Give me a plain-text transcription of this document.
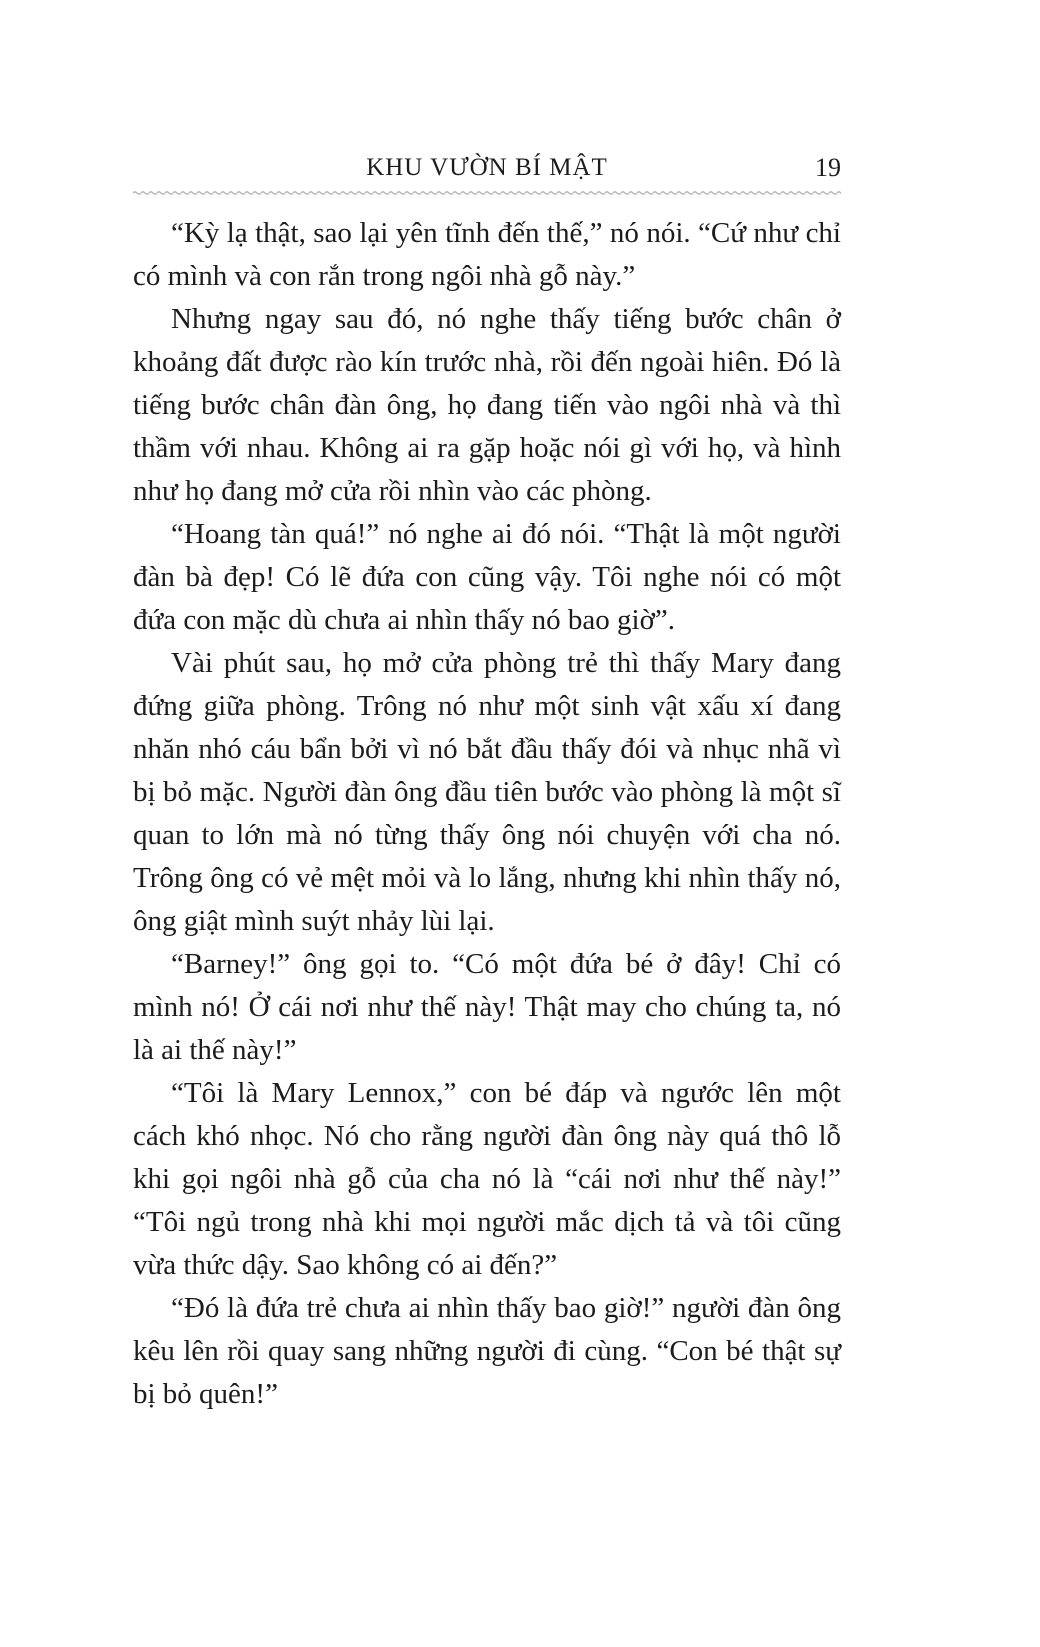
KHU VƯỜN BÍ MẬT	19

“Kỳ lạ thật, sao lại yên tĩnh đến thế,” nó nói. “Cứ như chỉ có mình và con rắn trong ngôi nhà gỗ này.”

Nhưng ngay sau đó, nó nghe thấy tiếng bước chân ở khoảng đất được rào kín trước nhà, rồi đến ngoài hiên. Đó là tiếng bước chân đàn ông, họ đang tiến vào ngôi nhà và thì thầm với nhau. Không ai ra gặp hoặc nói gì với họ, và hình như họ đang mở cửa rồi nhìn vào các phòng.

“Hoang tàn quá!” nó nghe ai đó nói. “Thật là một người đàn bà đẹp! Có lẽ đứa con cũng vậy. Tôi nghe nói có một đứa con mặc dù chưa ai nhìn thấy nó bao giờ”.

Vài phút sau, họ mở cửa phòng trẻ thì thấy Mary đang đứng giữa phòng. Trông nó như một sinh vật xấu xí đang nhăn nhó cáu bẩn bởi vì nó bắt đầu thấy đói và nhục nhã vì bị bỏ mặc. Người đàn ông đầu tiên bước vào phòng là một sĩ quan to lớn mà nó từng thấy ông nói chuyện với cha nó. Trông ông có vẻ mệt mỏi và lo lắng, nhưng khi nhìn thấy nó, ông giật mình suýt nhảy lùi lại.

“Barney!” ông gọi to. “Có một đứa bé ở đây! Chỉ có mình nó! Ở cái nơi như thế này! Thật may cho chúng ta, nó là ai thế này!”

“Tôi là Mary Lennox,” con bé đáp và ngước lên một cách khó nhọc. Nó cho rằng người đàn ông này quá thô lỗ khi gọi ngôi nhà gỗ của cha nó là “cái nơi như thế này!” “Tôi ngủ trong nhà khi mọi người mắc dịch tả và tôi cũng vừa thức dậy. Sao không có ai đến?”

“Đó là đứa trẻ chưa ai nhìn thấy bao giờ!” người đàn ông kêu lên rồi quay sang những người đi cùng. “Con bé thật sự bị bỏ quên!”
